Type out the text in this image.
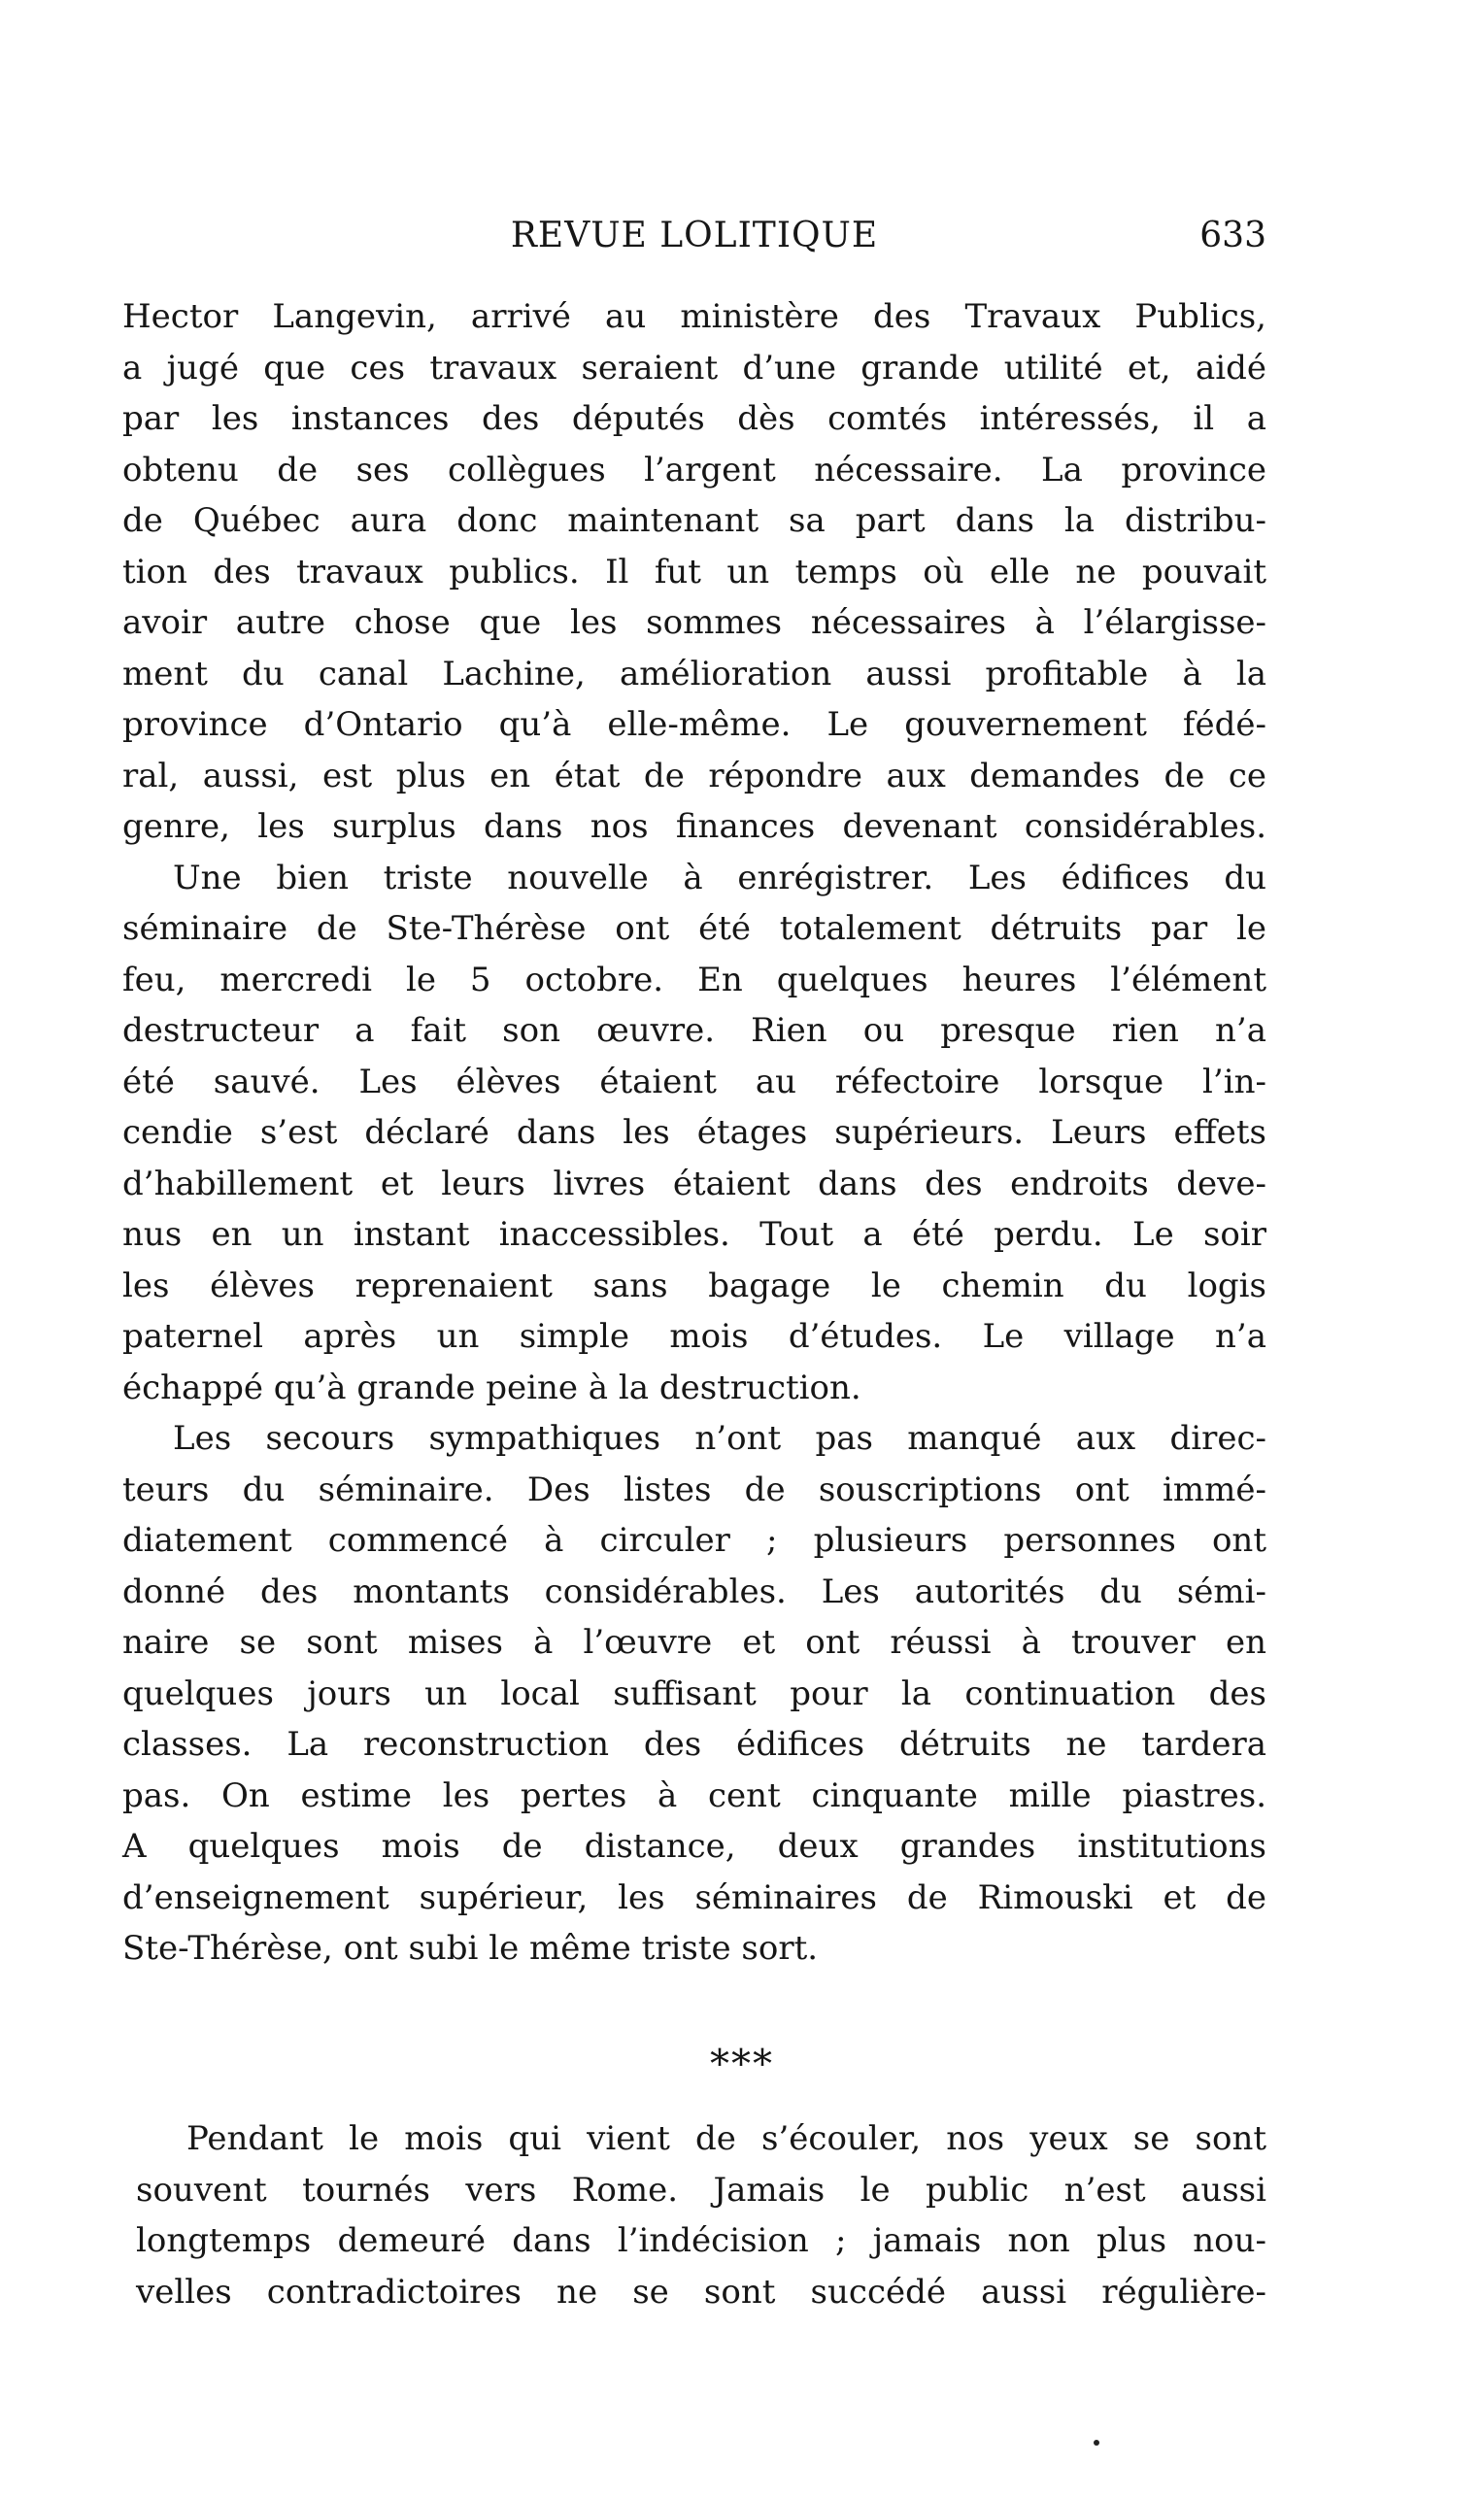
REVUE LOLITIQUE	633
Hector Langevin, arrivé au ministère des Travaux Publics,
a jugé que ces travaux seraient d’une grande utilité et, aidé
par les instances des députés dès comtés intéressés, il a
obtenu de ses collègues l’argent nécessaire. La province
de Québec aura donc maintenant sa part dans la distribu-
tion des travaux publics. Il fut un temps où elle ne pouvait
avoir autre chose que les sommes nécessaires à l’élargisse-
ment du canal Lachine, amélioration aussi profitable à la
province d’Ontario qu’à elle-même. Le gouvernement fédé-
ral, aussi, est plus en état de répondre aux demandes de ce
genre, les surplus dans nos finances devenant considérables.
Une bien triste nouvelle à enrégistrer. Les édifices du
séminaire de Ste-Thérèse ont été totalement détruits par le
feu, mercredi le 5 octobre. En quelques heures l’élément
destructeur a fait son œuvre. Rien ou presque rien n’a
été sauvé. Les élèves étaient au réfectoire lorsque l’in-
cendie s’est déclaré dans les étages supérieurs. Leurs effets
d’habillement et leurs livres étaient dans des endroits deve-
nus en un instant inaccessibles. Tout a été perdu. Le soir
les élèves reprenaient sans bagage le chemin du logis
paternel après un simple mois d’études. Le village n’a
échappé qu’à grande peine à la destruction.
Les secours sympathiques n’ont pas manqué aux direc-
teurs du séminaire. Des listes de souscriptions ont immé-
diatement commencé à circuler ; plusieurs personnes ont
donné des montants considérables. Les autorités du sémi-
naire se sont mises à l’œuvre et ont réussi à trouver en
quelques jours un local suffisant pour la continuation des
classes. La reconstruction des édifices détruits ne tardera
pas. On estime les pertes à cent cinquante mille piastres.
A quelques mois de distance, deux grandes institutions
d’enseignement supérieur, les séminaires de Rimouski et de
Ste-Thérèse, ont subi le même triste sort.
⁎⁎⁎
Pendant le mois qui vient de s’écouler, nos yeux se sont
souvent tournés vers Rome. Jamais le public n’est aussi
longtemps demeuré dans l’indécision ; jamais non plus nou-
velles contradictoires ne se sont succédé aussi régulière-
